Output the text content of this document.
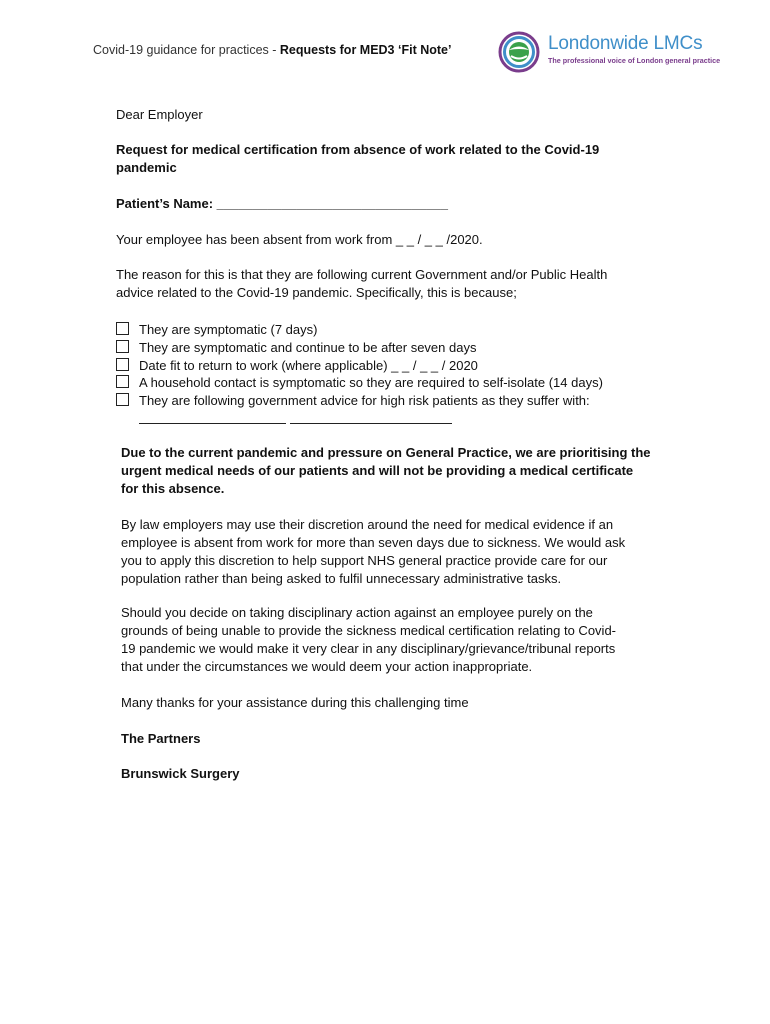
Covid-19 guidance for practices - Requests for MED3 ‘Fit Note’	Londonwide LMCs
The professional voice of London general practice
Dear Employer
Request for medical certification from absence of work related to the Covid-19
pandemic
Patient’s Name: ________________________________
Your employee has been absent from work from _ _ / _ _ /2020.
The reason for this is that they are following current Government and/or Public Health
advice related to the Covid-19 pandemic. Specifically, this is because;
They are symptomatic (7 days)
They are symptomatic and continue to be after seven days
Date fit to return to work (where applicable) _ _ / _ _ / 2020
A household contact is symptomatic so they are required to self-isolate (14 days)
They are following government advice for high risk patients as they suffer with:
Due to the current pandemic and pressure on General Practice, we are prioritising the
urgent medical needs of our patients and will not be providing a medical certificate
for this absence.
By law employers may use their discretion around the need for medical evidence if an
employee is absent from work for more than seven days due to sickness. We would ask
you to apply this discretion to help support NHS general practice provide care for our
population rather than being asked to fulfil unnecessary administrative tasks.
Should you decide on taking disciplinary action against an employee purely on the
grounds of being unable to provide the sickness medical certification relating to Covid-
19 pandemic we would make it very clear in any disciplinary/grievance/tribunal reports
that under the circumstances we would deem your action inappropriate.
Many thanks for your assistance during this challenging time
The Partners
Brunswick Surgery
